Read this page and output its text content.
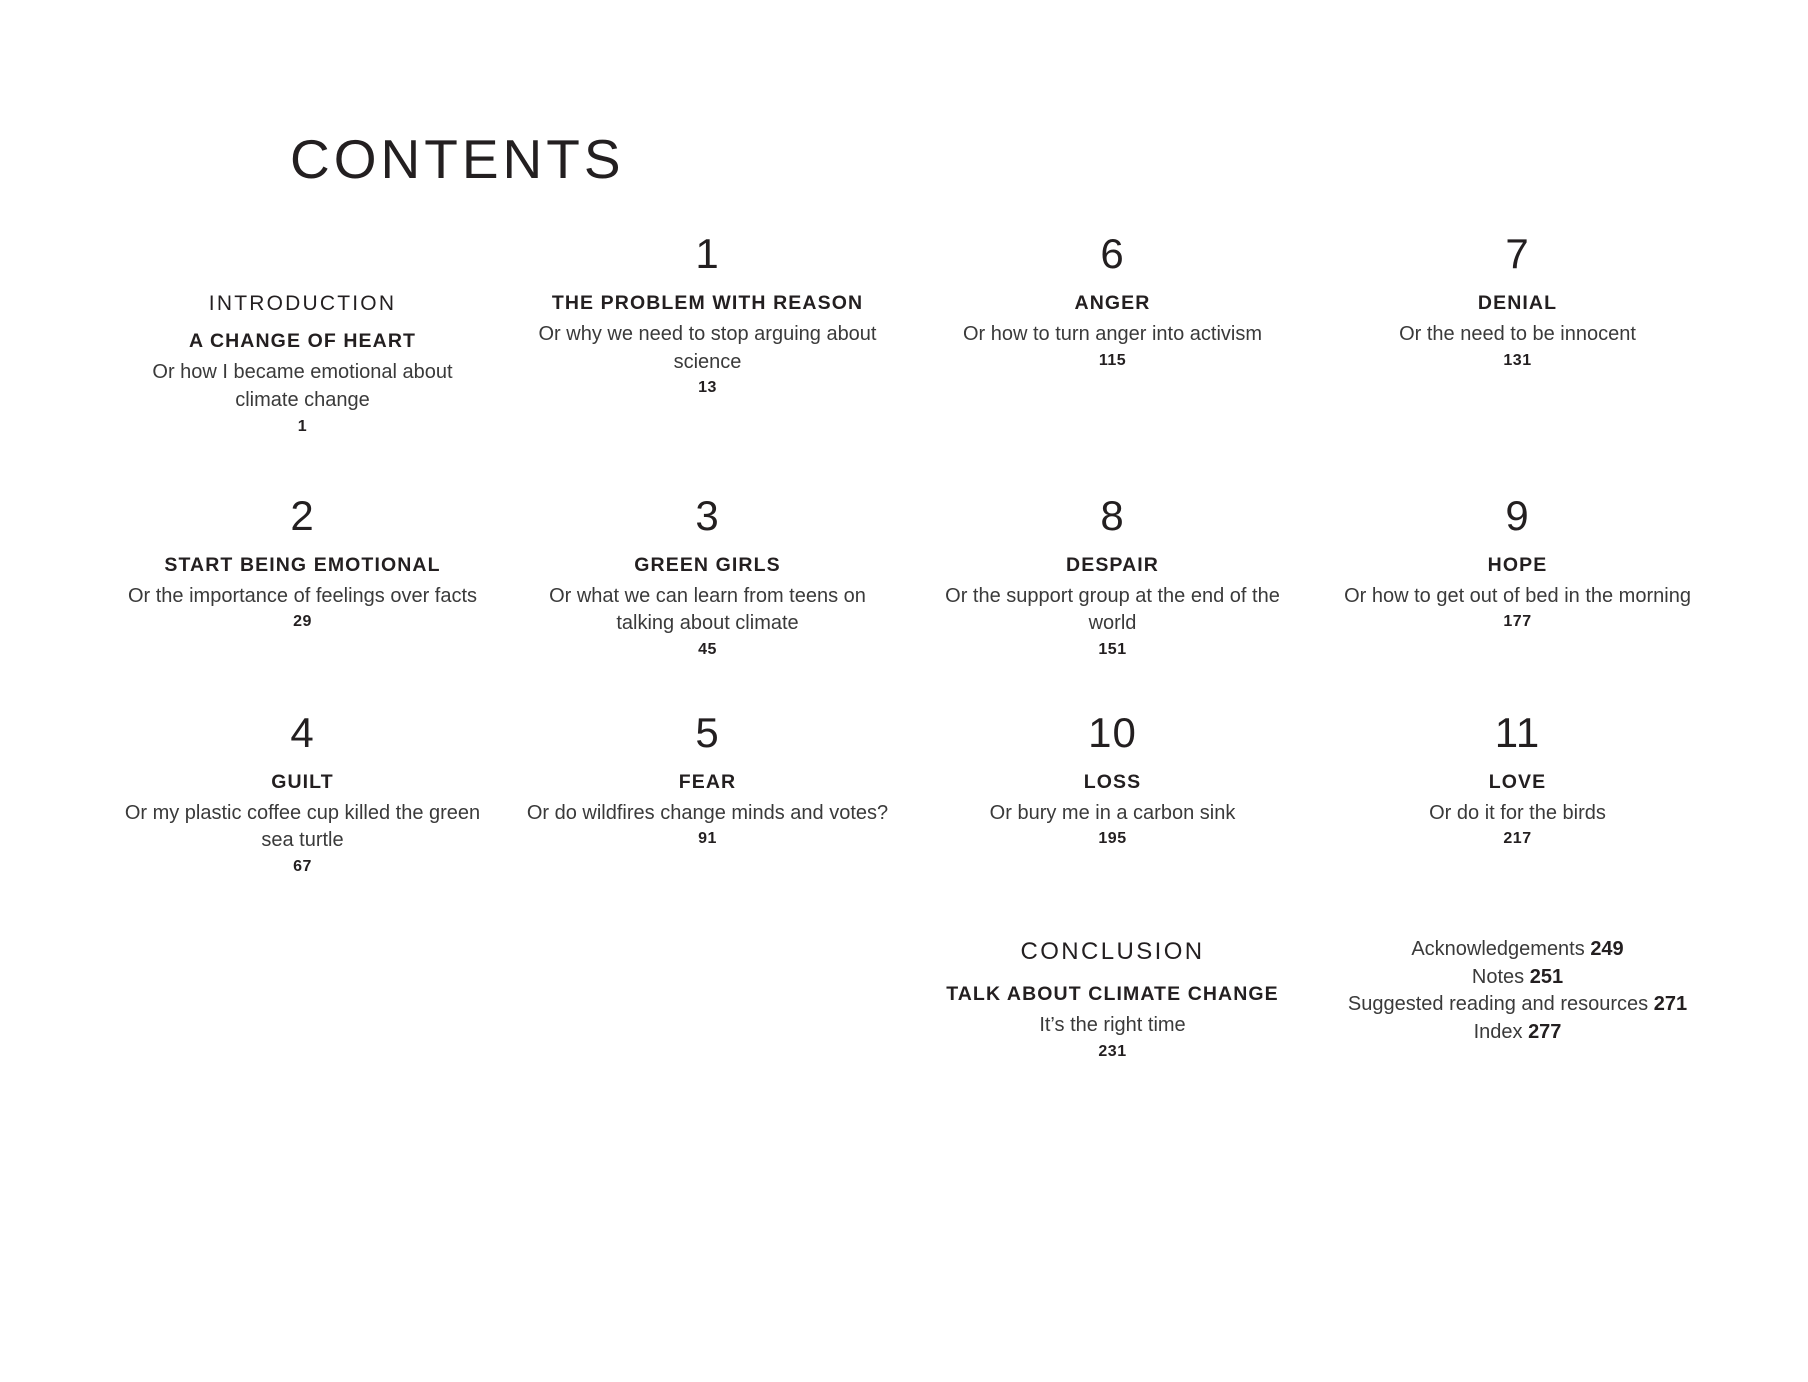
CONTENTS
INTRODUCTION
A CHANGE OF HEART
Or how I became emotional about climate change
1
1
THE PROBLEM WITH REASON
Or why we need to stop arguing about science
13
6
ANGER
Or how to turn anger into activism
115
7
DENIAL
Or the need to be innocent
131
2
START BEING EMOTIONAL
Or the importance of feelings over facts
29
3
GREEN GIRLS
Or what we can learn from teens on talking about climate
45
8
DESPAIR
Or the support group at the end of the world
151
9
HOPE
Or how to get out of bed in the morning
177
4
GUILT
Or my plastic coffee cup killed the green sea turtle
67
5
FEAR
Or do wildfires change minds and votes?
91
10
LOSS
Or bury me in a carbon sink
195
11
LOVE
Or do it for the birds
217
CONCLUSION
TALK ABOUT CLIMATE CHANGE
It’s the right time
231
Acknowledgements 249
Notes 251
Suggested reading and resources 271
Index 277
